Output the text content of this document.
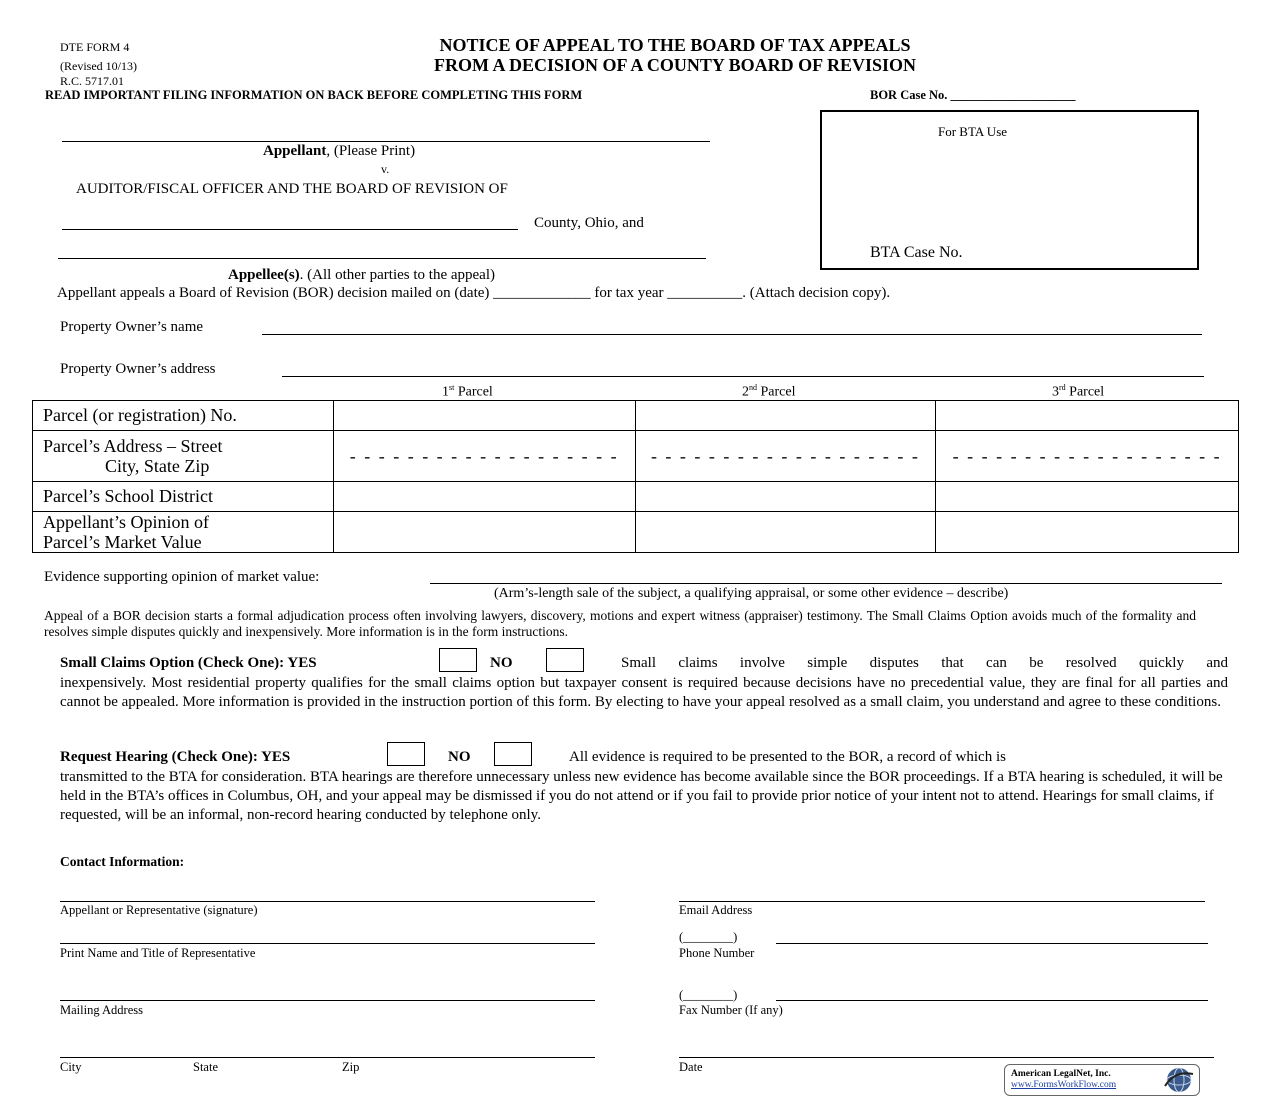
DTE FORM 4
(Revised 10/13)
R.C. 5717.01
NOTICE OF APPEAL TO THE BOARD OF TAX APPEALS
FROM A DECISION OF A COUNTY BOARD OF REVISION
READ IMPORTANT FILING INFORMATION ON BACK BEFORE COMPLETING THIS FORM	BOR Case No. ____________________
For BTA Use
BTA Case No.
Appellant, (Please Print)
v.
AUDITOR/FISCAL OFFICER AND THE BOARD OF REVISION OF
County, Ohio, and
Appellee(s). (All other parties to the appeal)
Appellant appeals a Board of Revision (BOR) decision mailed on (date) _____________ for tax year __________. (Attach decision copy).
Property Owner’s name
Property Owner’s address
1st Parcel	2nd Parcel	3rd Parcel
Parcel (or registration) No.			

Parcel’s Address – Street
City, State Zip	- - - - - - - - - - - - - - - - - - -	- - - - - - - - - - - - - - - - - - -	- - - - - - - - - - - - - - - - - - -
Parcel’s School District			

Appellant’s Opinion of
Parcel’s Market Value			

Evidence supporting opinion of market value:
(Arm’s-length sale of the subject, a qualifying appraisal, or some other evidence – describe)
Appeal of a BOR decision starts a formal adjudication process often involving lawyers, discovery, motions and expert witness (appraiser) testimony. The Small Claims Option avoids much of the formality and resolves simple disputes quickly and inexpensively. More information is in the form instructions.
Small Claims Option (Check One): YES	NO	Small claims involve simple disputes that can be resolved quickly and
inexpensively. Most residential property qualifies for the small claims option but taxpayer consent is required because decisions have no precedential value, they are final for all parties and cannot be appealed. More information is provided in the instruction portion of this form. By electing to have your appeal resolved as a small claim, you understand and agree to these conditions.
Request Hearing (Check One): YES	NO	All evidence is required to be presented to the BOR, a record of which is
transmitted to the BTA for consideration. BTA hearings are therefore unnecessary unless new evidence has become available since the BOR proceedings. If a BTA hearing is scheduled, it will be held in the BTA’s offices in Columbus, OH, and your appeal may be dismissed if you do not attend or if you fail to provide prior notice of your intent not to attend. Hearings for small claims, if requested, will be an informal, non-record hearing conducted by telephone only.
Contact Information:
Appellant or Representative (signature)	Email Address
Print Name and Title of Representative
(________)
Phone Number
Mailing Address
(________)
Fax Number (If any)
City	State	Zip	Date	American LegalNet, Inc.
www.FormsWorkFlow.com
